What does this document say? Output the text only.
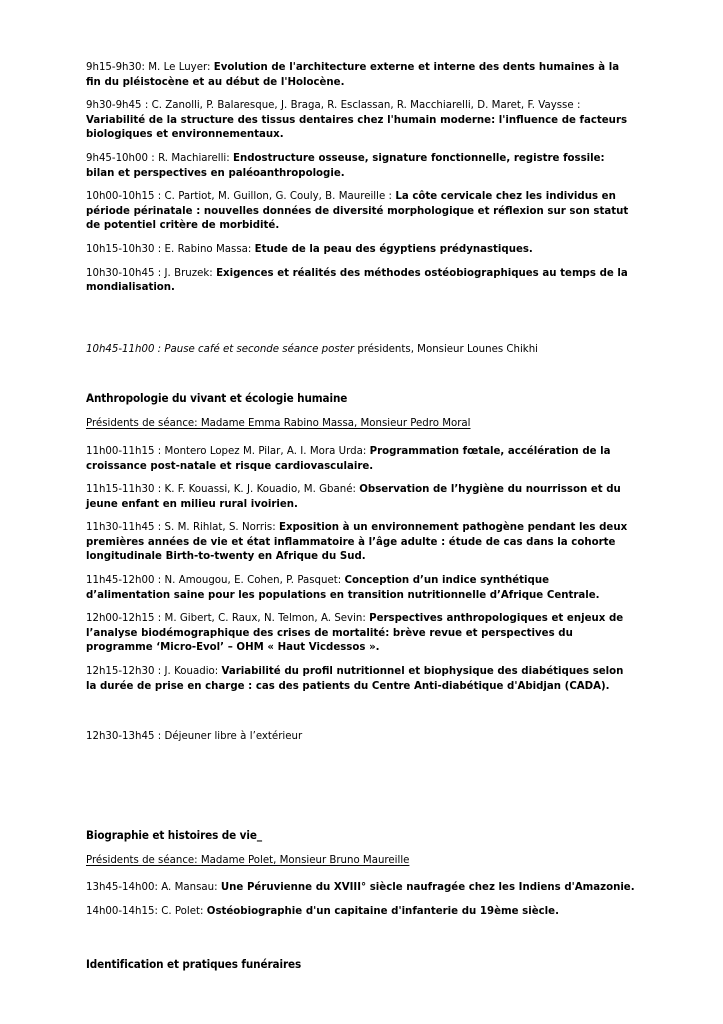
9h15-9h30: M. Le Luyer: Evolution de l'architecture externe et interne des dents humaines à la fin du pléistocène et au début de l'Holocène.

9h30-9h45 : C. Zanolli, P. Balaresque, J. Braga, R. Esclassan, R. Macchiarelli, D. Maret, F. Vaysse : Variabilité de la structure des tissus dentaires chez l'humain moderne: l'influence de facteurs biologiques et environnementaux.

9h45-10h00 : R. Machiarelli: Endostructure osseuse, signature fonctionnelle, registre fossile: bilan et perspectives en paléoanthropologie.

10h00-10h15 : C. Partiot, M. Guillon, G. Couly, B. Maureille : La côte cervicale chez les individus en période périnatale : nouvelles données de diversité morphologique et réflexion sur son statut de potentiel critère de morbidité.

10h15-10h30 : E. Rabino Massa: Etude de la peau des égyptiens prédynastiques.

10h30-10h45 : J. Bruzek: Exigences et réalités des méthodes ostéobiographiques au temps de la mondialisation.

10h45-11h00 : Pause café et seconde séance poster présidents, Monsieur Lounes Chikhi

Anthropologie du vivant et écologie humaine

Présidents de séance: Madame Emma Rabino Massa, Monsieur Pedro Moral

11h00-11h15 : Montero Lopez M. Pilar, A. I. Mora Urda: Programmation fœtale, accélération de la croissance post-natale et risque cardiovasculaire.

11h15-11h30 : K. F. Kouassi, K. J. Kouadio, M. Gbané: Observation de l’hygiène du nourrisson et du jeune enfant en milieu rural ivoirien.

11h30-11h45 : S. M. Rihlat, S. Norris: Exposition à un environnement pathogène pendant les deux premières années de vie et état inflammatoire à l’âge adulte : étude de cas dans la cohorte longitudinale Birth-to-twenty en Afrique du Sud.

11h45-12h00 : N. Amougou, E. Cohen, P. Pasquet: Conception d’un indice synthétique d’alimentation saine pour les populations en transition nutritionnelle d’Afrique Centrale.

12h00-12h15 : M. Gibert, C. Raux, N. Telmon, A. Sevin: Perspectives anthropologiques et enjeux de l’analyse biodémographique des crises de mortalité: brève revue et perspectives du programme ‘Micro-Evol’ – OHM « Haut Vicdessos ».

12h15-12h30 : J. Kouadio: Variabilité du profil nutritionnel et biophysique des diabétiques selon la durée de prise en charge : cas des patients du Centre Anti-diabétique d'Abidjan (CADA).

12h30-13h45 : Déjeuner libre à l’extérieur

Biographie et histoires de vie_

Présidents de séance: Madame Polet, Monsieur Bruno Maureille

13h45-14h00: A. Mansau: Une Péruvienne du XVIII° siècle naufragée chez les Indiens d'Amazonie.

14h00-14h15: C. Polet: Ostéobiographie d'un capitaine d'infanterie du 19ème siècle.

Identification et pratiques funéraires
